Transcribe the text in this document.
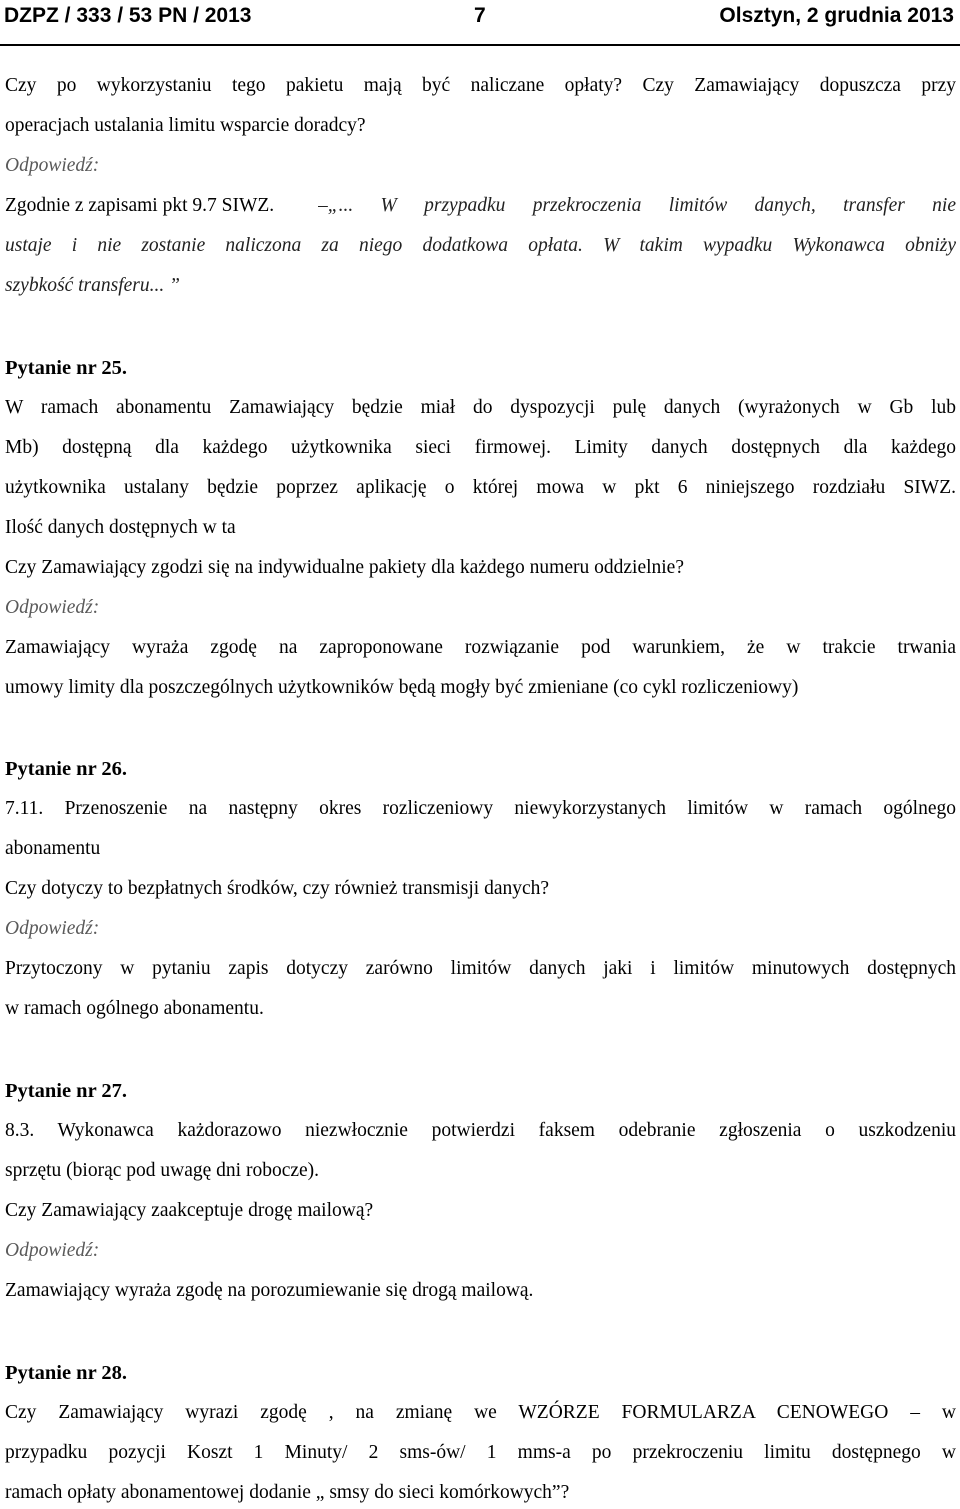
DZPZ / 333 / 53 PN / 2013	7	Olsztyn, 2 grudnia 2013
Czy po wykorzystaniu tego pakietu mają być naliczane opłaty? Czy Zamawiający dopuszcza przy
operacjach ustalania limitu wsparcie doradcy?
Odpowiedź:
Zgodnie z zapisami pkt 9.7 SIWZ. –„... W przypadku przekroczenia limitów danych, transfer nie
ustaje i nie zostanie naliczona za niego dodatkowa opłata. W takim wypadku Wykonawca obniży
szybkość transferu... ”
Pytanie nr 25.
W ramach abonamentu Zamawiający będzie miał do dyspozycji pulę danych (wyrażonych w Gb lub
Mb) dostępną dla każdego użytkownika sieci firmowej. Limity danych dostępnych dla każdego
użytkownika ustalany będzie poprzez aplikację o której mowa w pkt 6 niniejszego rozdziału SIWZ.
Ilość danych dostępnych w ta
Czy Zamawiający zgodzi się na indywidualne pakiety dla każdego numeru oddzielnie?
Odpowiedź:
Zamawiający wyraża zgodę na zaproponowane rozwiązanie pod warunkiem, że w trakcie trwania
umowy limity dla poszczególnych użytkowników będą mogły być zmieniane (co cykl rozliczeniowy)
Pytanie nr 26.
7.11. Przenoszenie na następny okres rozliczeniowy niewykorzystanych limitów w ramach ogólnego
abonamentu
Czy dotyczy to bezpłatnych środków, czy również transmisji danych?
Odpowiedź:
Przytoczony w pytaniu zapis dotyczy zarówno limitów danych jaki i limitów minutowych dostępnych
w ramach ogólnego abonamentu.
Pytanie nr 27.
8.3. Wykonawca każdorazowo niezwłocznie potwierdzi faksem odebranie zgłoszenia o uszkodzeniu
sprzętu (biorąc pod uwagę dni robocze).
Czy Zamawiający zaakceptuje drogę mailową?
Odpowiedź:
Zamawiający wyraża zgodę na porozumiewanie się drogą mailową.
Pytanie nr 28.
Czy Zamawiający wyrazi zgodę , na zmianę we WZÓRZE FORMULARZA CENOWEGO – w
przypadku pozycji Koszt 1 Minuty/ 2 sms-ów/ 1 mms-a po przekroczeniu limitu dostępnego w
ramach opłaty abonamentowej dodanie „ smsy do sieci komórkowych”?
